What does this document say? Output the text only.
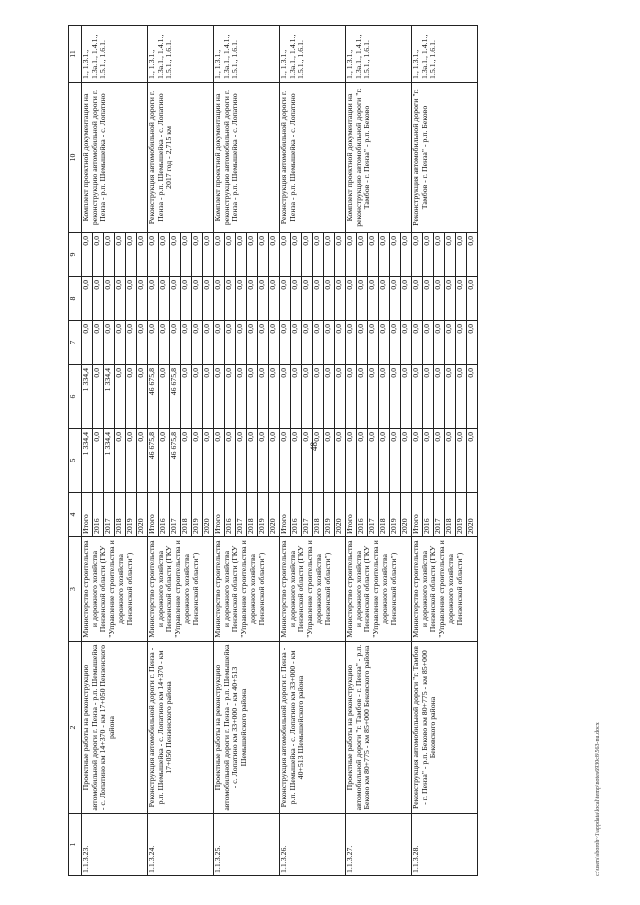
48
1	2	3	4	5	6	7	8	9	10	11
1.1.3.23.	Проектные работы на реконструкцию автомобильной дороги г. Пенза - р.п. Шемышейка - с. Лопатино км 14+370 - км 17+050 Пензенского района	Министерство строительства и дорожного хозяйства Пензенской области (ГКУ "Управление строительства и дорожного хозяйства Пензенской области")	Итого	1 334,4	1 334,4	0,0	0,0	0,0	Комплект проектной документации на реконструкцию автомобильной дороги г. Пенза - р.п. Шемышейка - с. Лопатино	1., 1.3.1., 1.3а.1., 1.4.1., 1.5.1., 1.6.1.
			2016	0,0	0,0	0,0	0,0	0,0		
			2017	1 334,4	1 334,4	0,0	0,0	0,0		
			2018	0,0	0,0	0,0	0,0	0,0		
			2019	0,0	0,0	0,0	0,0	0,0		
			2020	0,0	0,0	0,0	0,0	0,0		
1.1.3.24.	Реконструкция автомобильной дороги г. Пенза - р.п. Шемышейка - с. Лопатино км 14+370 - км 17+050 Пензенского района	Министерство строительства и дорожного хозяйства Пензенской области (ГКУ "Управление строительства и дорожного хозяйства Пензенской области")	Итого	46 675,8	46 675,8	0,0	0,0	0,0	Реконструкция автомобильной дороги г. Пенза - р.п. Шемышейка - с. Лопатино 2017 год - 2,715 км	1., 1.3.1., 1.3а.1., 1.4.1., 1.5.1., 1.6.1.
			2016	0,0	0,0	0,0	0,0	0,0		
			2017	46 675,8	46 675,8	0,0	0,0	0,0		
			2018	0,0	0,0	0,0	0,0	0,0		
			2019	0,0	0,0	0,0	0,0	0,0		
			2020	0,0	0,0	0,0	0,0	0,0		
1.1.3.25.	Проектные работы на реконструкцию автомобильной дороги г. Пенза - р.п. Шемышейка - с. Лопатино км 33+000 - км 40+513 Шемышейского района	Министерство строительства и дорожного хозяйства Пензенской области (ГКУ "Управление строительства и дорожного хозяйства Пензенской области")	Итого	0,0	0,0	0,0	0,0	0,0	Комплект проектной документации на реконструкцию автомобильной дороги г. Пенза - р.п. Шемышейка - с. Лопатино	1., 1.3.1., 1.3а.1., 1.4.1., 1.5.1., 1.6.1.
			2016	0,0	0,0	0,0	0,0	0,0		
			2017	0,0	0,0	0,0	0,0	0,0		
			2018	0,0	0,0	0,0	0,0	0,0		
			2019	0,0	0,0	0,0	0,0	0,0		
			2020	0,0	0,0	0,0	0,0	0,0		
1.1.3.26.	Реконструкция автомобильной дороги г. Пенза - р.п. Шемышейка - с. Лопатино км 33+000 - км 40+513 Шемышейского района	Министерство строительства и дорожного хозяйства Пензенской области (ГКУ "Управление строительства и дорожного хозяйства Пензенской области")	Итого	0,0	0,0	0,0	0,0	0,0	Реконструкция автомобильной дороги г. Пенза - р.п. Шемышейка - с. Лопатино	1., 1.3.1., 1.3а.1., 1.4.1., 1.5.1., 1.6.1.
			2016	0,0	0,0	0,0	0,0	0,0		
			2017	0,0	0,0	0,0	0,0	0,0		
			2018	0,0	0,0	0,0	0,0	0,0		
			2019	0,0	0,0	0,0	0,0	0,0		
			2020	0,0	0,0	0,0	0,0	0,0		
1.1.3.27.	Проектные работы на реконструкцию автомобильной дороги "г. Тамбов - г. Пенза" - р.п. Бековo км 80+775 - км 85+000 Бековского района	Министерство строительства и дорожного хозяйства Пензенской области (ГКУ "Управление строительства и дорожного хозяйства Пензенской области")	Итого	0,0	0,0	0,0	0,0	0,0	Комплект проектной документации на реконструкцию автомобильной дороги "г. Тамбов - г. Пенза" - р.п. Бековo	1., 1.3.1., 1.3а.1., 1.4.1., 1.5.1., 1.6.1.
			2016	0,0	0,0	0,0	0,0	0,0		
			2017	0,0	0,0	0,0	0,0	0,0		
			2018	0,0	0,0	0,0	0,0	0,0		
			2019	0,0	0,0	0,0	0,0	0,0		
			2020	0,0	0,0	0,0	0,0	0,0		
1.1.3.28.	Реконструкция автомобильной дороги "г. Тамбов - г. Пенза" - р.п. Бековo км 80+775 - км 85+000 Бековского района	Министерство строительства и дорожного хозяйства Пензенской области (ГКУ "Управление строительства и дорожного хозяйства Пензенской области")	Итого	0,0	0,0	0,0	0,0	0,0	Реконструкция автомобильной дороги "г. Тамбов - г. Пенза" - р.п. Бековo	1., 1.3.1., 1.3а.1., 1.4.1., 1.5.1., 1.6.1.
			2016	0,0	0,0	0,0	0,0	0,0		
			2017	0,0	0,0	0,0	0,0	0,0		
			2018	0,0	0,0	0,0	0,0	0,0		
			2019	0,0	0,0	0,0	0,0	0,0		
			2020	0,0	0,0	0,0	0,0	0,0		
c:\users\sboroh~1\appdata\local\temp\notes6930c8\563-nu.docx
